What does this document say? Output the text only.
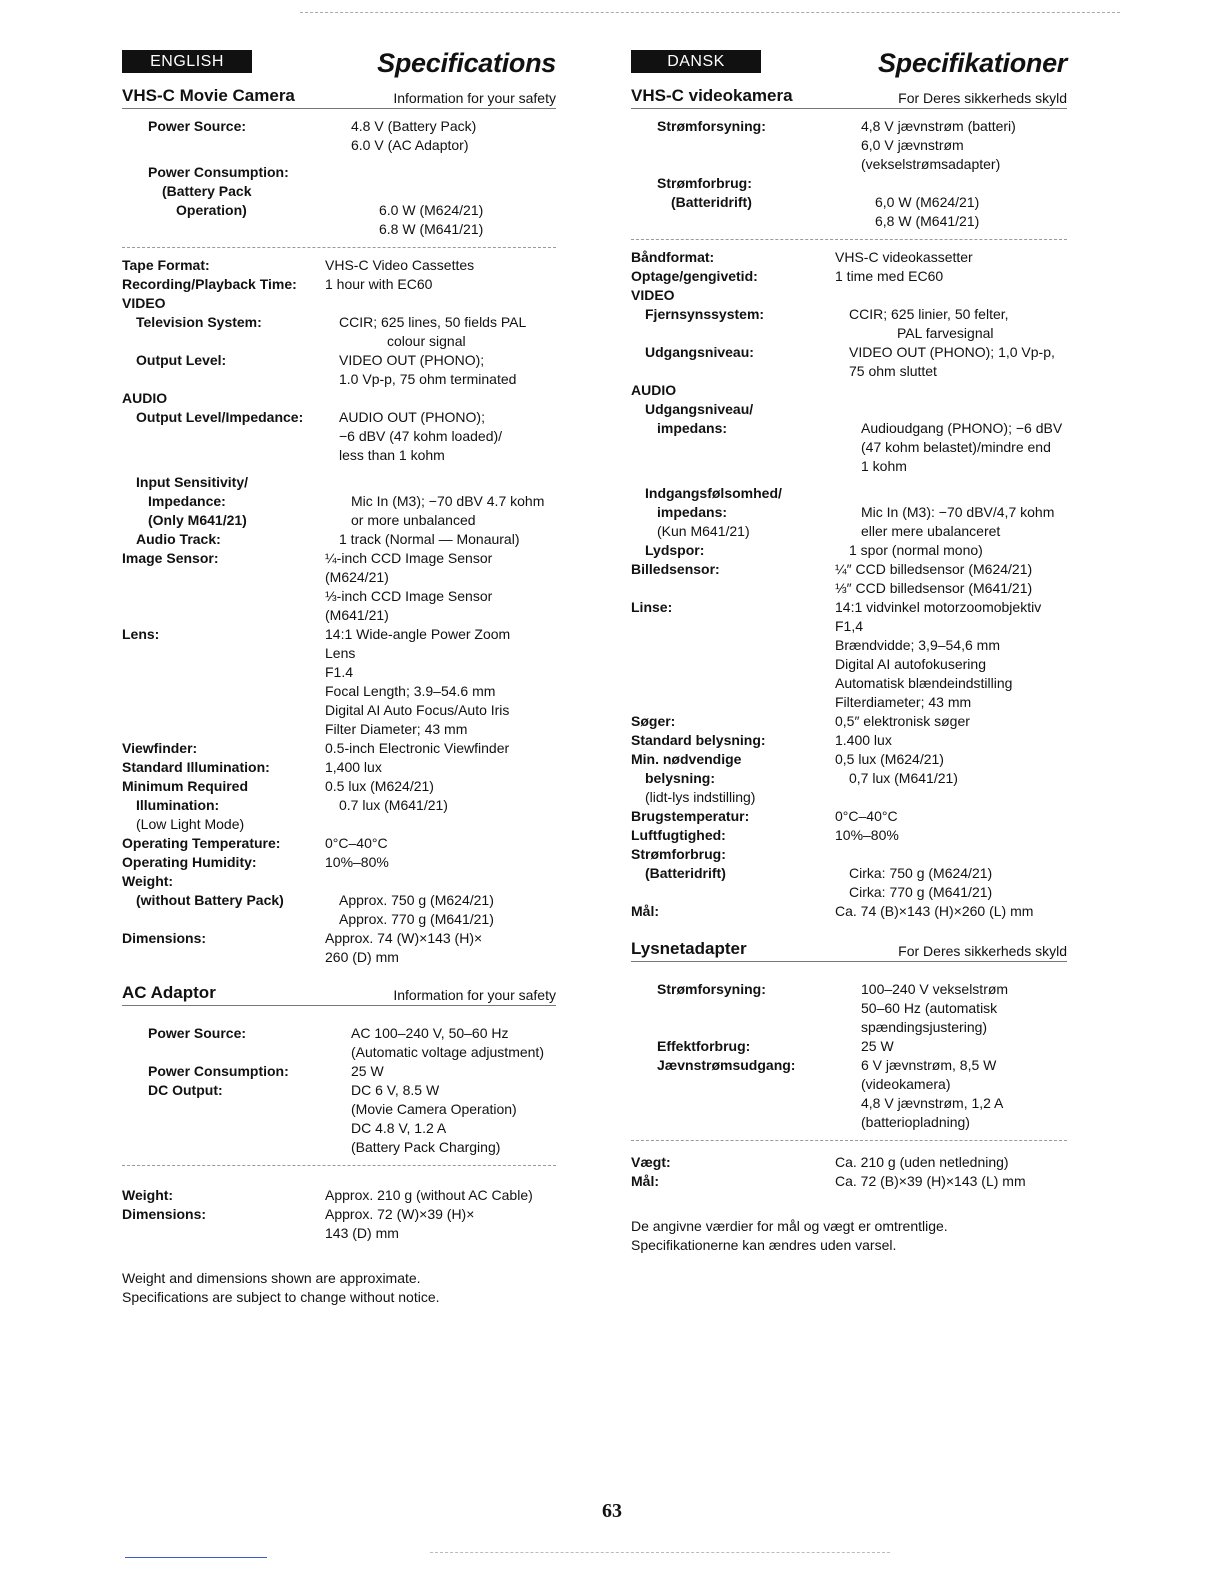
ENGLISH	Specifications
VHS-C Movie Camera	Information for your safety
Power Source:	4.8 V (Battery Pack)
6.0 V (AC Adaptor)
Power Consumption:
(Battery Pack
Operation)	6.0 W (M624/21)
6.8 W (M641/21)
Tape Format:	VHS-C Video Cassettes
Recording/Playback Time:	1 hour with EC60
VIDEO
Television System:	CCIR; 625 lines, 50 fields PAL
colour signal
Output Level:	VIDEO OUT (PHONO);
1.0 Vp-p, 75 ohm terminated
AUDIO
Output Level/Impedance:	AUDIO OUT (PHONO);
−6 dBV (47 kohm loaded)/
less than 1 kohm
Input Sensitivity/
Impedance:	Mic In (M3); −70 dBV 4.7 kohm
(Only M641/21)	or more unbalanced
Audio Track:	1 track (Normal — Monaural)
Image Sensor:	¼-inch CCD Image Sensor
(M624/21)
⅓-inch CCD Image Sensor
(M641/21)
Lens:	14:1 Wide-angle Power Zoom
Lens
F1.4
Focal Length; 3.9–54.6 mm
Digital AI Auto Focus/Auto Iris
Filter Diameter; 43 mm
Viewfinder:	0.5-inch Electronic Viewfinder
Standard Illumination:	1,400 lux
Minimum Required	0.5 lux (M624/21)
Illumination:	0.7 lux (M641/21)
(Low Light Mode)
Operating Temperature:	0°C–40°C
Operating Humidity:	10%–80%
Weight:
(without Battery Pack)	Approx. 750 g (M624/21)
Approx. 770 g (M641/21)
Dimensions:	Approx. 74 (W)×143 (H)×
260 (D) mm
AC Adaptor	Information for your safety
Power Source:	AC 100–240 V, 50–60 Hz
(Automatic voltage adjustment)
Power Consumption:	25 W
DC Output:	DC 6 V, 8.5 W
(Movie Camera Operation)
DC 4.8 V, 1.2 A
(Battery Pack Charging)
Weight:	Approx. 210 g (without AC Cable)
Dimensions:	Approx. 72 (W)×39 (H)×
143 (D) mm
Weight and dimensions shown are approximate.
Specifications are subject to change without notice.
DANSK	Specifikationer
VHS-C videokamera	For Deres sikkerheds skyld
Strømforsyning:	4,8 V jævnstrøm (batteri)
6,0 V jævnstrøm
(vekselstrømsadapter)
Strømforbrug:
(Batteridrift)	6,0 W (M624/21)
6,8 W (M641/21)
Båndformat:	VHS-C videokassetter
Optage/gengivetid:	1 time med EC60
VIDEO
Fjernsynssystem:	CCIR; 625 linier, 50 felter,
PAL farvesignal
Udgangsniveau:	VIDEO OUT (PHONO); 1,0 Vp-p,
75 ohm sluttet
AUDIO
Udgangsniveau/
impedans:	Audioudgang (PHONO); −6 dBV
(47 kohm belastet)/mindre end
1 kohm
Indgangsfølsomhed/
impedans:	Mic In (M3): −70 dBV/4,7 kohm
(Kun M641/21)	eller mere ubalanceret
Lydspor:	1 spor (normal mono)
Billedsensor:	¼″ CCD billedsensor (M624/21)
⅓″ CCD billedsensor (M641/21)
Linse:	14:1 vidvinkel motorzoomobjektiv
F1,4
Brændvidde; 3,9–54,6 mm
Digital AI autofokusering
Automatisk blændeindstilling
Filterdiameter; 43 mm
Søger:	0,5″ elektronisk søger
Standard belysning:	1.400 lux
Min. nødvendige	0,5 lux (M624/21)
belysning:	0,7 lux (M641/21)
(lidt-lys indstilling)
Brugstemperatur:	0°C–40°C
Luftfugtighed:	10%–80%
Strømforbrug:
(Batteridrift)	Cirka: 750 g (M624/21)
Cirka: 770 g (M641/21)
Mål:	Ca. 74 (B)×143 (H)×260 (L) mm
Lysnetadapter	For Deres sikkerheds skyld
Strømforsyning:	100–240 V vekselstrøm
50–60 Hz (automatisk
spændingsjustering)
Effektforbrug:	25 W
Jævnstrømsudgang:	6 V jævnstrøm, 8,5 W
(videokamera)
4,8 V jævnstrøm, 1,2 A
(batteriopladning)
Vægt:	Ca. 210 g (uden netledning)
Mål:	Ca. 72 (B)×39 (H)×143 (L) mm
De angivne værdier for mål og vægt er omtrentlige.
Specifikationerne kan ændres uden varsel.
63
